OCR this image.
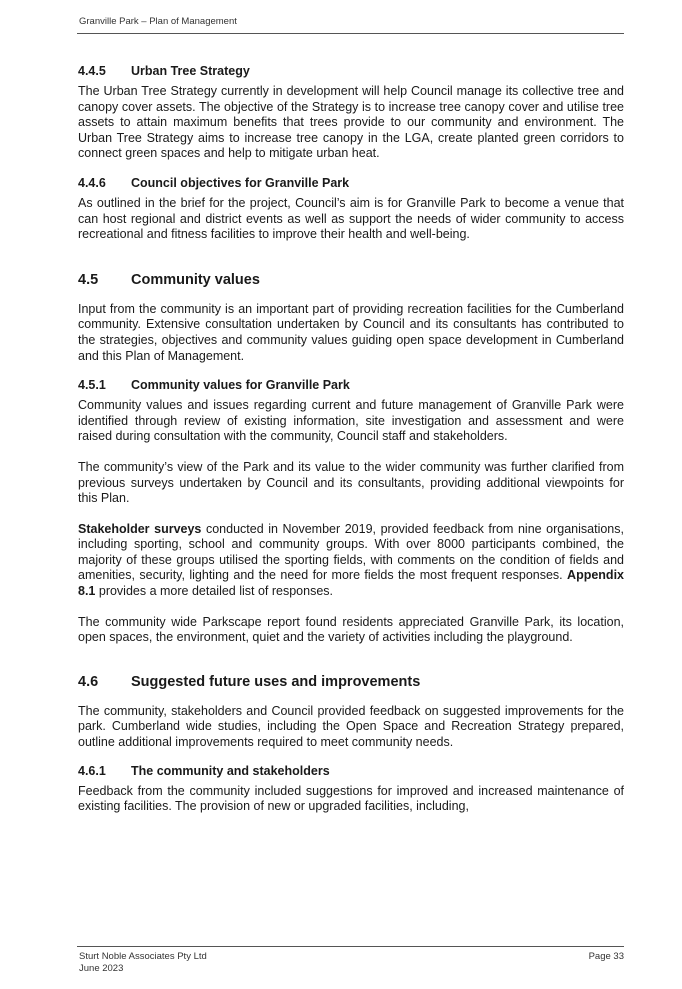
Granville Park – Plan of Management
4.4.5	Urban Tree Strategy

The Urban Tree Strategy currently in development will help Council manage its collective tree and canopy cover assets. The objective of the Strategy is to increase tree canopy cover and utilise tree assets to attain maximum benefits that trees provide to our community and environment. The Urban Tree Strategy aims to increase tree canopy in the LGA, create planted green corridors to connect green spaces and help to mitigate urban heat.

4.4.6	Council objectives for Granville Park

As outlined in the brief for the project, Council’s aim is for Granville Park to become a venue that can host regional and district events as well as support the needs of wider community to access recreational and fitness facilities to improve their health and well-being.

4.5	Community values

Input from the community is an important part of providing recreation facilities for the Cumberland community. Extensive consultation undertaken by Council and its consultants has contributed to the strategies, objectives and community values guiding open space development in Cumberland and this Plan of Management.

4.5.1	Community values for Granville Park

Community values and issues regarding current and future management of Granville Park were identified through review of existing information, site investigation and assessment and were raised during consultation with the community, Council staff and stakeholders.

The community’s view of the Park and its value to the wider community was further clarified from previous surveys undertaken by Council and its consultants, providing additional viewpoints for this Plan.

Stakeholder surveys conducted in November 2019, provided feedback from nine organisations, including sporting, school and community groups. With over 8000 participants combined, the majority of these groups utilised the sporting fields, with comments on the condition of fields and amenities, security, lighting and the need for more fields the most frequent responses. Appendix 8.1 provides a more detailed list of responses.

The community wide Parkscape report found residents appreciated Granville Park, its location, open spaces, the environment, quiet and the variety of activities including the playground.

4.6	Suggested future uses and improvements

The community, stakeholders and Council provided feedback on suggested improvements for the park. Cumberland wide studies, including the Open Space and Recreation Strategy prepared, outline additional improvements required to meet community needs.

4.6.1	The community and stakeholders

Feedback from the community included suggestions for improved and increased maintenance of existing facilities. The provision of new or upgraded facilities, including,

Sturt Noble Associates Pty Ltd
June 2023
Page 33
